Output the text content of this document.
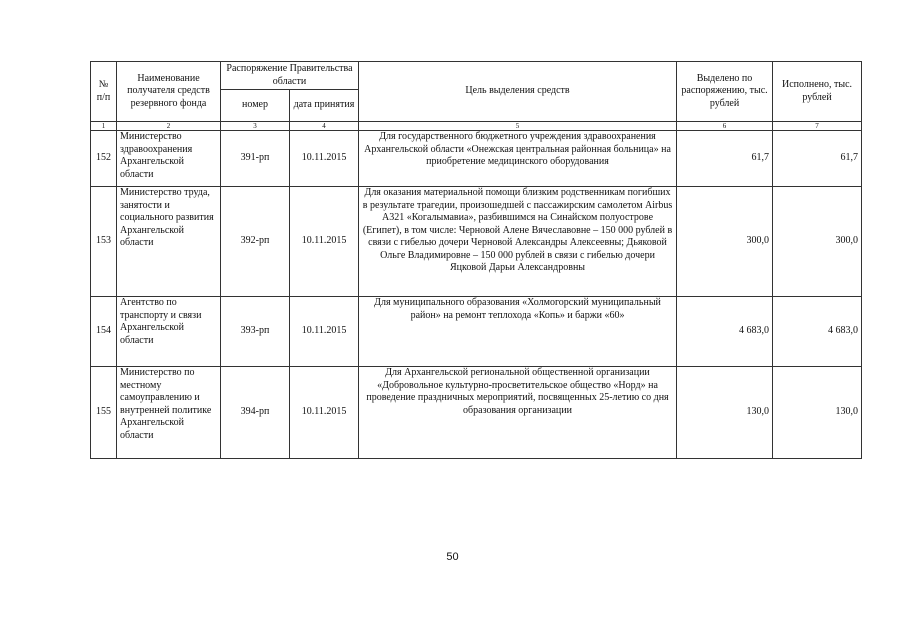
№ п/п	Наименование получателя средств резервного фонда	Распоряжение Правительства области		Цель выделения средств	Выделено по распоряжению, тыс. рублей	Исполнено, тыс. рублей
		номер	дата принятия			
1	2	3	4	5	6	7
152	Министерство здравоохранения Архангельской области	391-рп	10.11.2015	Для государственного бюджетного учреждения здравоохранения Архангельской области «Онежская центральная районная больница» на приобретение медицинского оборудования	61,7	61,7
153	Министерство труда, занятости и социального развития Архангельской области	392-рп	10.11.2015	Для оказания материальной помощи близким родственникам погибших в результате трагедии, произошедшей с пассажирским самолетом Airbus A321 «Когалымавиа», разбившимся на Синайском полуострове (Египет), в том числе: Черновой Алене Вячеславовне – 150 000 рублей в связи с гибелью дочери Черновой Александры Алексеевны; Дьяковой Ольге Владимировне – 150 000 рублей в связи с гибелью дочери Яцковой Дарьи Александровны	300,0	300,0
154	Агентство по транспорту и связи Архангельской области	393-рп	10.11.2015	Для муниципального образования «Холмогорский муниципальный район» на ремонт теплохода «Копь» и баржи «60»	4 683,0	4 683,0
155	Министерство по местному самоуправлению и внутренней политике Архангельской области	394-рп	10.11.2015	Для Архангельской региональной общественной организации «Добровольное культурно-просветительское общество «Норд» на проведение праздничных мероприятий, посвященных 25-летию со дня образования организации	130,0	130,0
50
